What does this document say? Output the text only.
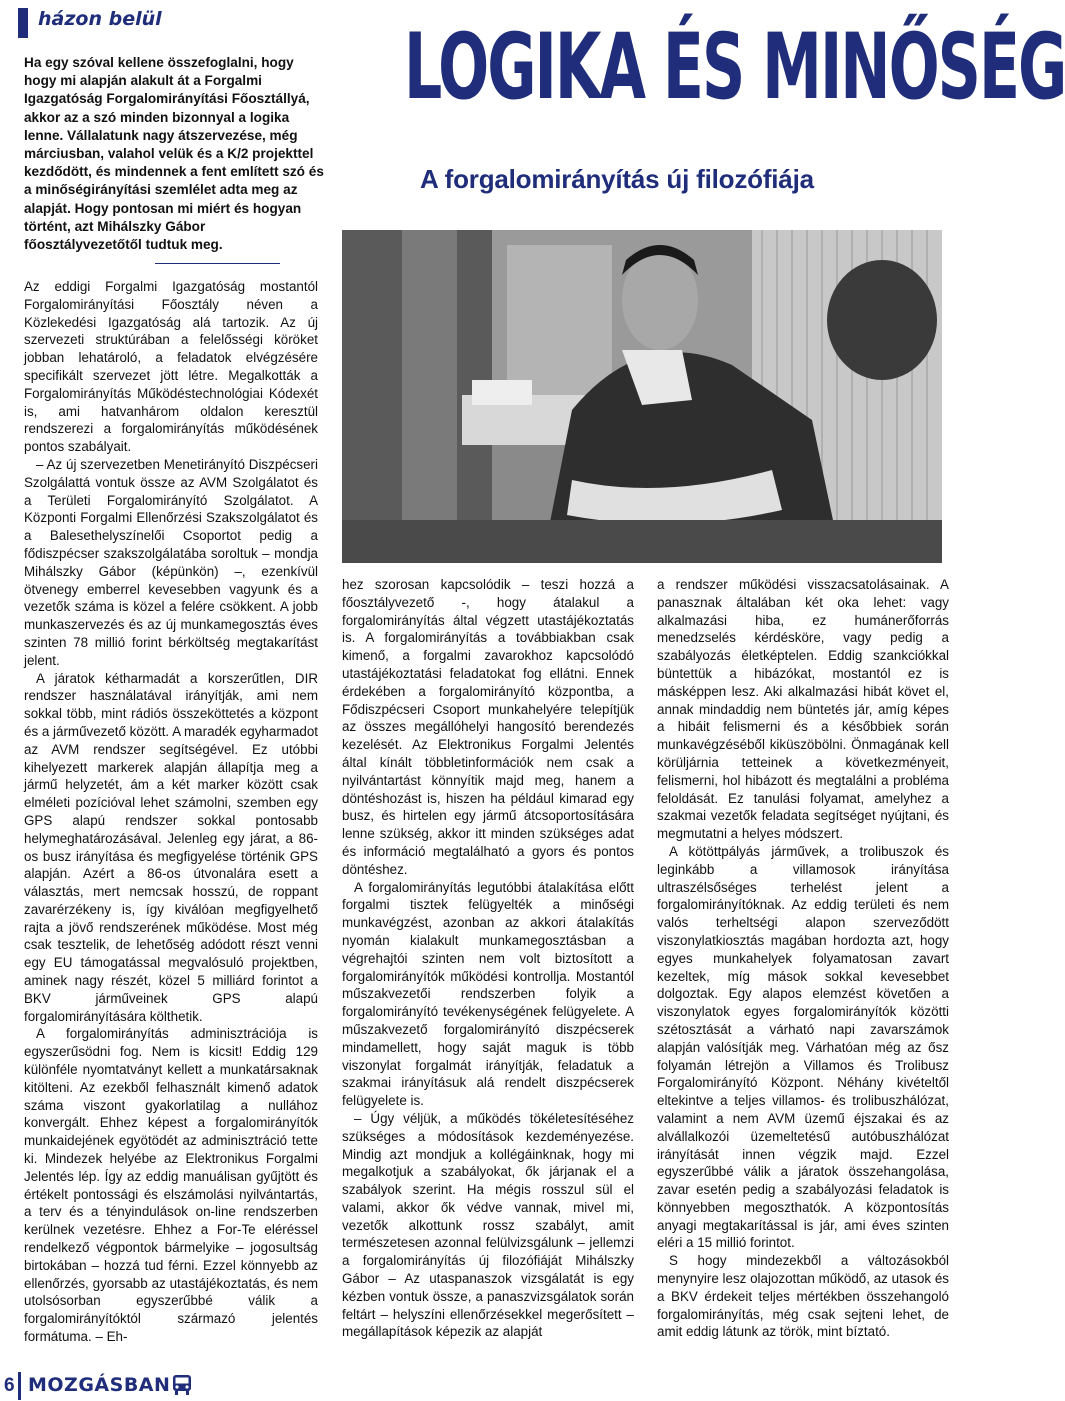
házon belül

Ha egy szóval kellene összefoglalni, hogy hogy mi alapján alakult át a Forgalmi Igazgatóság Forgalomirányítási Főosztállyá, akkor az a szó minden bizonnyal a logika lenne. Vállalatunk nagy átszervezése, még márciusban, valahol velük és a K/2 projekttel kezdődött, és mindennek a fent említett szó és a minőségirányítási szemlélet adta meg az alapját. Hogy pontosan mi miért és hogyan történt, azt Mihálszky Gábor főosztályvezetőtől tudtuk meg.

LOGIKA ÉS MINŐSÉG
A forgalomirányítás új filozófiája

Az eddigi Forgalmi Igazgatóság mostantól Forgalomirányítási Főosztály néven a Közlekedési Igazgatóság alá tartozik. Az új szervezeti struktúrában a felelősségi köröket jobban lehatároló, a feladatok elvégzésére specifikált szervezet jött létre. Megalkották a Forgalomirányítás Működéstechnológiai Kódexét is, ami hatvanhárom oldalon keresztül rendszerezi a forgalomirányítás működésének pontos szabályait.

– Az új szervezetben Menetirányító Diszpécseri Szolgálattá vontuk össze az AVM Szolgálatot és a Területi Forgalomirányító Szolgálatot. A Központi Forgalmi Ellenőrzési Szakszolgálatot és a Balesethelyszínelői Csoportot pedig a fődiszpécser szakszolgálatába soroltuk – mondja Mihálszky Gábor (képünkön) –, ezenkívül ötvenegy emberrel kevesebben vagyunk és a vezetők száma is közel a felére csökkent. A jobb munkaszervezés és az új munkamegosztás éves szinten 78 millió forint bérköltség megtakarítást jelent.

A járatok kétharmadát a korszerűtlen, DIR rendszer használatával irányítják, ami nem sokkal több, mint rádiós összeköttetés a központ és a járművezető között. A maradék egyharmadot az AVM rendszer segítségével. Ez utóbbi kihelyezett markerek alapján állapítja meg a jármű helyzetét, ám a két marker között csak elméleti pozícióval lehet számolni, szemben egy GPS alapú rendszer sokkal pontosabb helymeghatározásával. Jelenleg egy járat, a 86-os busz irányítása és megfigyelése történik GPS alapján. Azért a 86-os útvonalára esett a választás, mert nemcsak hosszú, de roppant zavarérzékeny is, így kiválóan megfigyelhető rajta a jövő rendszerének működése. Most még csak tesztelik, de lehetőség adódott részt venni egy EU támogatással megvalósuló projektben, aminek nagy részét, közel 5 milliárd forintot a BKV járműveinek GPS alapú forgalomirányítására költhetik.

A forgalomirányítás adminisztrációja is egyszerűsödni fog. Nem is kicsit! Eddig 129 különféle nyomtatványt kellett a munkatársaknak kitölteni. Az ezekből felhasznált kimenő adatok száma viszont gyakorlatilag a nullához konvergált. Ehhez képest a forgalomirányítók munkaidejének egyötödét az adminisztráció tette ki. Mindezek helyébe az Elektronikus Forgalmi Jelentés lép. Így az eddig manuálisan gyűjtött és értékelt pontossági és elszámolási nyilvántartás, a terv és a tényindulások on-line rendszerben kerülnek vezetésre. Ehhez a For-Te eléréssel rendelkező végpontok bármelyike – jogosultság birtokában – hozzá tud férni. Ezzel könnyebb az ellenőrzés, gyorsabb az utastájékoztatás, és nem utolsósorban egyszerűbbé válik a forgalomirányítóktól származó jelentés formátuma. – Eh-

hez szorosan kapcsolódik – teszi hozzá a főosztályvezető -, hogy átalakul a forgalomirányítás által végzett utastájékoztatás is. A forgalomirányítás a továbbiakban csak kimenő, a forgalmi zavarokhoz kapcsolódó utastájékoztatási feladatokat fog ellátni. Ennek érdekében a forgalomirányító központba, a Fődiszpécseri Csoport munkahelyére telepítjük az összes megállóhelyi hangosító berendezés kezelését. Az Elektronikus Forgalmi Jelentés által kínált többletinformációk nem csak a nyilvántartást könnyítik majd meg, hanem a döntéshozást is, hiszen ha például kimarad egy busz, és hirtelen egy jármű átcsoportosítására lenne szükség, akkor itt minden szükséges adat és információ megtalálható a gyors és pontos döntéshez.

A forgalomirányítás legutóbbi átalakítása előtt forgalmi tisztek felügyelték a minőségi munkavégzést, azonban az akkori átalakítás nyomán kialakult munkamegosztásban a végrehajtói szinten nem volt biztosított a forgalomirányítók működési kontrollja. Mostantól műszakvezetői rendszerben folyik a forgalomirányító tevékenységének felügyelete. A műszakvezető forgalomirányító diszpécserek mindamellett, hogy saját maguk is több viszonylat forgalmát irányítják, feladatuk a szakmai irányításuk alá rendelt diszpécserek felügyelete is.

– Úgy véljük, a működés tökéletesítéséhez szükséges a módosítások kezdeményezése. Mindig azt mondjuk a kollégáinknak, hogy mi megalkotjuk a szabályokat, ők járjanak el a szabályok szerint. Ha mégis rosszul sül el valami, akkor ők védve vannak, mivel mi, vezetők alkottunk rossz szabályt, amit természetesen azonnal felülvizsgálunk – jellemzi a forgalomirányítás új filozófiáját Mihálszky Gábor – Az utaspanaszok vizsgálatát is egy kézben vontuk össze, a panaszvizsgálatok során feltárt – helyszíni ellenőrzésekkel megerősített – megállapítások képezik az alapját

a rendszer működési visszacsatolásainak. A panasznak általában két oka lehet: vagy alkalmazási hiba, ez humánerőforrás menedzselés kérdésköre, vagy pedig a szabályozás életképtelen. Eddig szankciókkal büntettük a hibázókat, mostantól ez is másképpen lesz. Aki alkalmazási hibát követ el, annak mindaddig nem büntetés jár, amíg képes a hibáit felismerni és a későbbiek során munkavégzéséből kiküszöbölni. Önmagának kell körüljárnia tetteinek a következményeit, felismerni, hol hibázott és megtalálni a probléma feloldását. Ez tanulási folyamat, amelyhez a szakmai vezetők feladata segítséget nyújtani, és megmutatni a helyes módszert.

A kötöttpályás járművek, a trolibuszok és leginkább a villamosok irányítása ultraszélsőséges terhelést jelent a forgalomirányítóknak. Az eddig területi és nem valós terheltségi alapon szerveződött viszonylatkiosztás magában hordozta azt, hogy egyes munkahelyek folyamatosan zavart kezeltek, míg mások sokkal kevesebbet dolgoztak. Egy alapos elemzést követően a viszonylatok egyes forgalomirányítók közötti szétosztását a várható napi zavarszámok alapján valósítják meg. Várhatóan még az ősz folyamán létrejön a Villamos és Trolibusz Forgalomirányító Központ. Néhány kivételtől eltekintve a teljes villamos- és trolibuszhálózat, valamint a nem AVM üzemű éjszakai és az alvállalkozói üzemeltetésű autóbuszhálózat irányítását innen végzik majd. Ezzel egyszerűbbé válik a járatok összehangolása, zavar esetén pedig a szabályozási feladatok is könnyebben megoszthatók. A központosítás anyagi megtakarítással is jár, ami éves szinten eléri a 15 millió forintot.

S hogy mindezekből a változásokból menynyire lesz olajozottan működő, az utasok és a BKV érdekeit teljes mértékben összehangoló forgalomirányítás, még csak sejteni lehet, de amit eddig látunk az török, mint bíztató.

6 MOZGÁSBAN
